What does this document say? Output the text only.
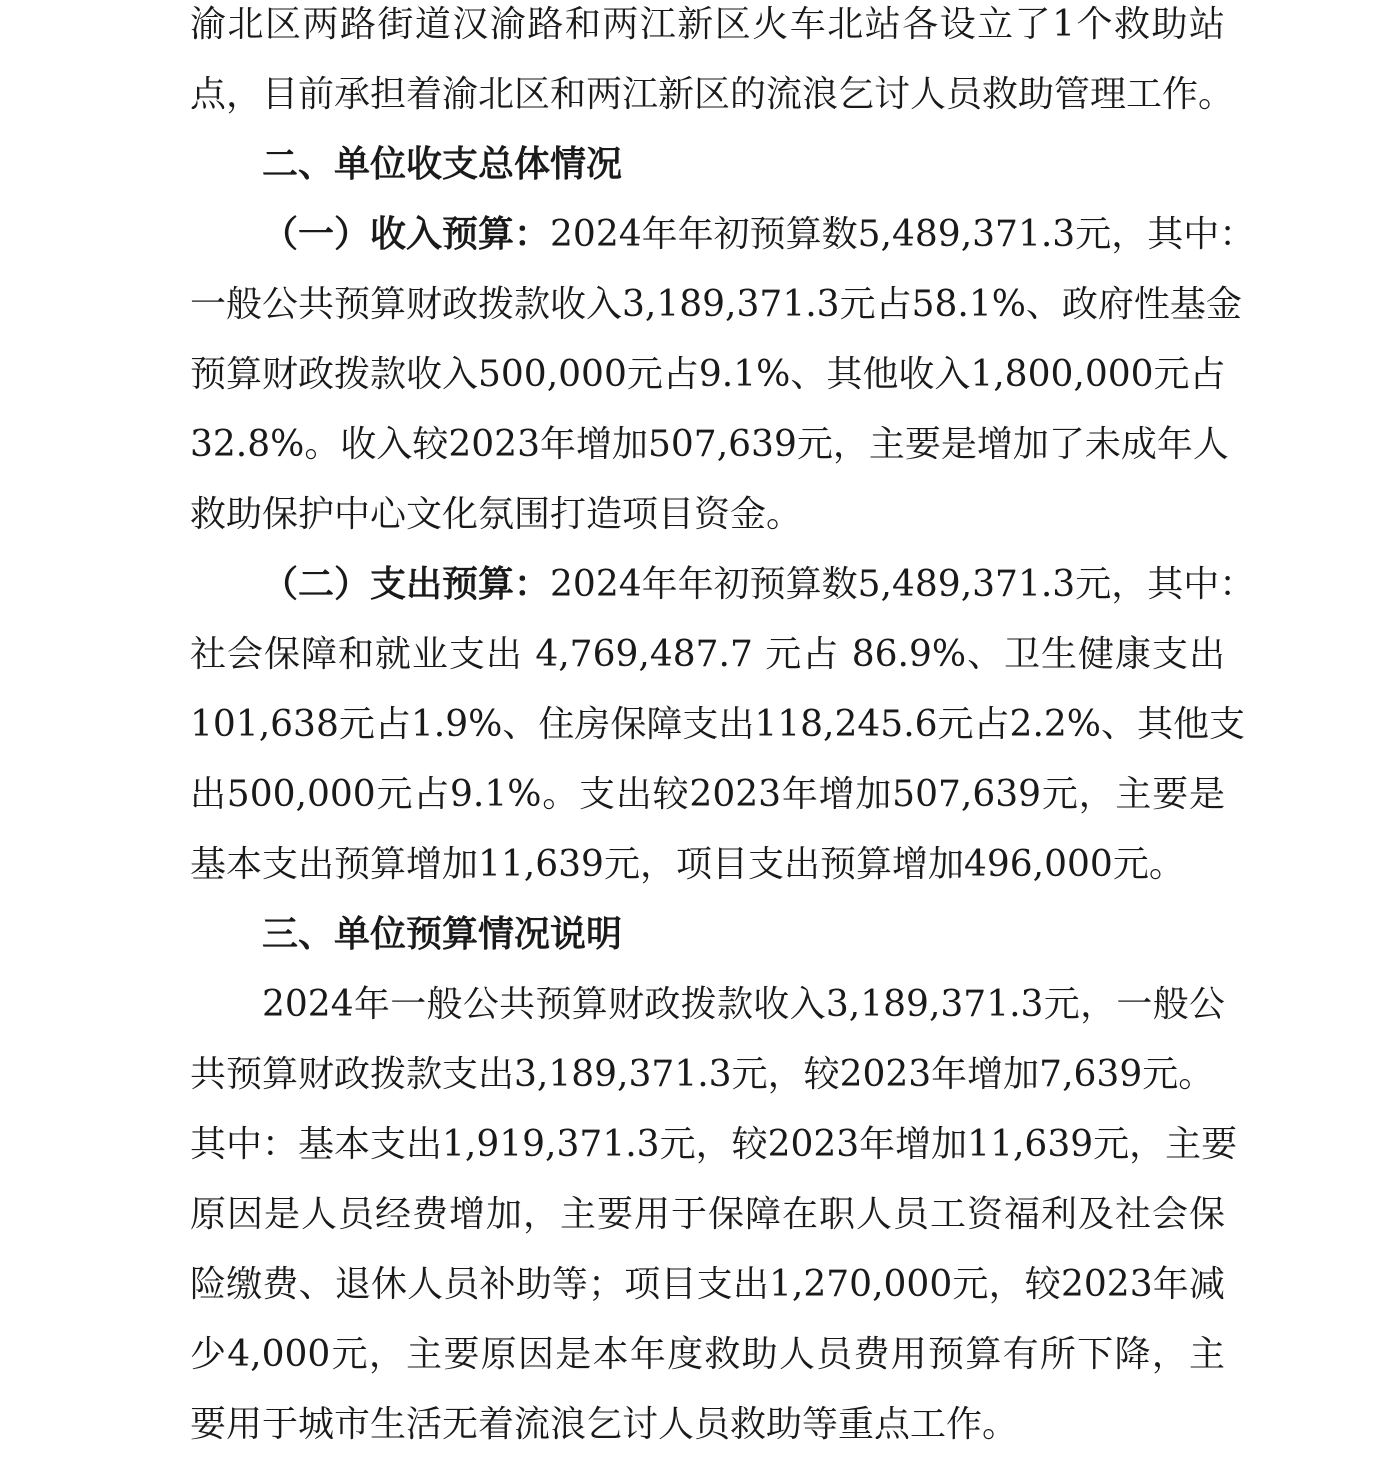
渝北区两路街道汉渝路和两江新区火车北站各设立了1个救助站
点，目前承担着渝北区和两江新区的流浪乞讨人员救助管理工作。
二、单位收支总体情况
（一）收入预算：2024年年初预算数5,489,371.3元，其中：
一般公共预算财政拨款收入3,189,371.3元占58.1%、政府性基金
预算财政拨款收入500,000元占9.1%、其他收入1,800,000元占
32.8%。收入较2023年增加507,639元，主要是增加了未成年人
救助保护中心文化氛围打造项目资金。
（二）支出预算：2024年年初预算数5,489,371.3元，其中：
社会保障和就业支出 4,769,487.7 元占 86.9%、卫生健康支出
101,638元占1.9%、住房保障支出118,245.6元占2.2%、其他支
出500,000元占9.1%。支出较2023年增加507,639元，主要是
基本支出预算增加11,639元，项目支出预算增加496,000元。
三、单位预算情况说明
2024年一般公共预算财政拨款收入3,189,371.3元，一般公
共预算财政拨款支出3,189,371.3元，较2023年增加7,639元。
其中：基本支出1,919,371.3元，较2023年增加11,639元，主要
原因是人员经费增加，主要用于保障在职人员工资福利及社会保
险缴费、退休人员补助等；项目支出1,270,000元，较2023年减
少4,000元，主要原因是本年度救助人员费用预算有所下降，主
要用于城市生活无着流浪乞讨人员救助等重点工作。
